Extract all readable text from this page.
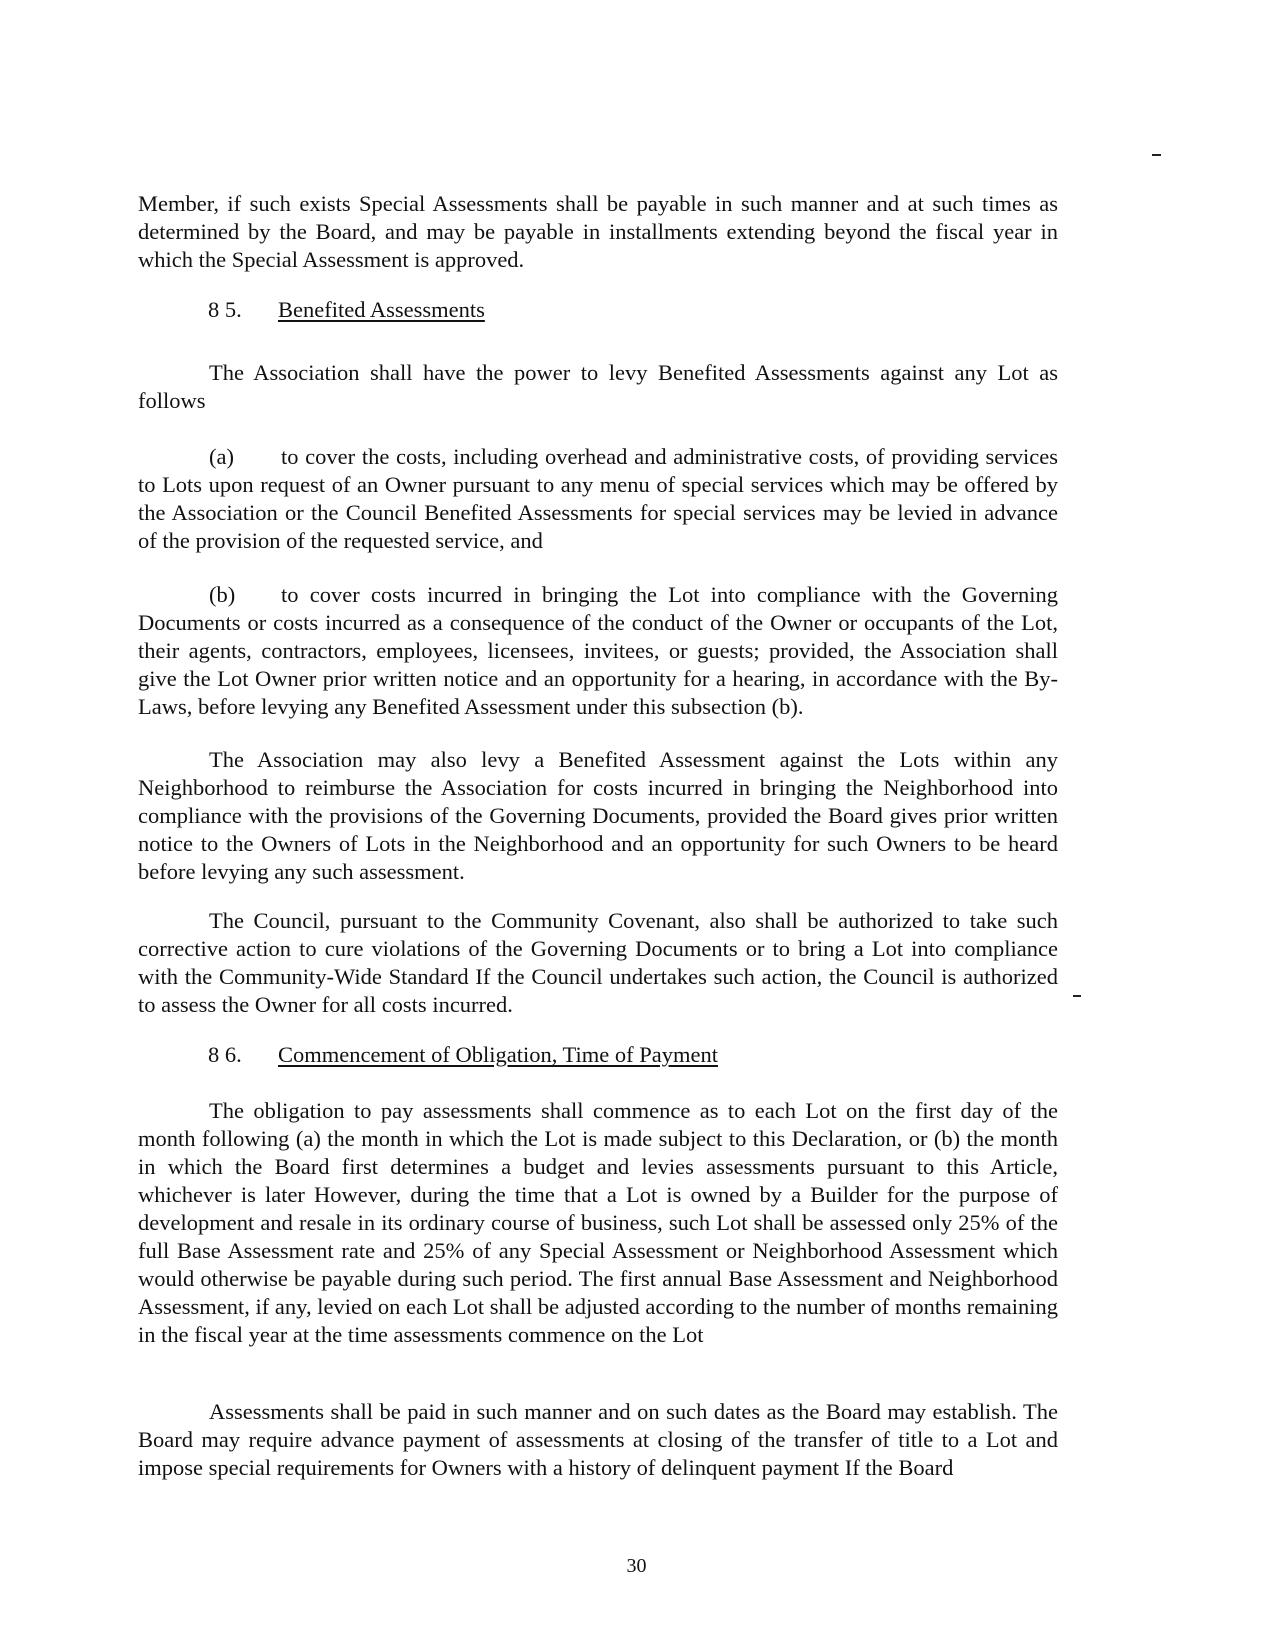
Member, if such exists Special Assessments shall be payable in such manner and at such times as determined by the Board, and may be payable in installments extending beyond the fiscal year in which the Special Assessment is approved.

8 5. Benefited Assessments

The Association shall have the power to levy Benefited Assessments against any Lot as follows

(a) to cover the costs, including overhead and administrative costs, of providing services to Lots upon request of an Owner pursuant to any menu of special services which may be offered by the Association or the Council Benefited Assessments for special services may be levied in advance of the provision of the requested service, and

(b) to cover costs incurred in bringing the Lot into compliance with the Governing Documents or costs incurred as a consequence of the conduct of the Owner or occupants of the Lot, their agents, contractors, employees, licensees, invitees, or guests; provided, the Association shall give the Lot Owner prior written notice and an opportunity for a hearing, in accordance with the By-Laws, before levying any Benefited Assessment under this subsection (b).

The Association may also levy a Benefited Assessment against the Lots within any Neighborhood to reimburse the Association for costs incurred in bringing the Neighborhood into compliance with the provisions of the Governing Documents, provided the Board gives prior written notice to the Owners of Lots in the Neighborhood and an opportunity for such Owners to be heard before levying any such assessment.

The Council, pursuant to the Community Covenant, also shall be authorized to take such corrective action to cure violations of the Governing Documents or to bring a Lot into compliance with the Community-Wide Standard If the Council undertakes such action, the Council is authorized to assess the Owner for all costs incurred.

8 6. Commencement of Obligation, Time of Payment

The obligation to pay assessments shall commence as to each Lot on the first day of the month following (a) the month in which the Lot is made subject to this Declaration, or (b) the month in which the Board first determines a budget and levies assessments pursuant to this Article, whichever is later However, during the time that a Lot is owned by a Builder for the purpose of development and resale in its ordinary course of business, such Lot shall be assessed only 25% of the full Base Assessment rate and 25% of any Special Assessment or Neighborhood Assessment which would otherwise be payable during such period. The first annual Base Assessment and Neighborhood Assessment, if any, levied on each Lot shall be adjusted according to the number of months remaining in the fiscal year at the time assessments commence on the Lot

Assessments shall be paid in such manner and on such dates as the Board may establish. The Board may require advance payment of assessments at closing of the transfer of title to a Lot and impose special requirements for Owners with a history of delinquent payment If the Board

30
